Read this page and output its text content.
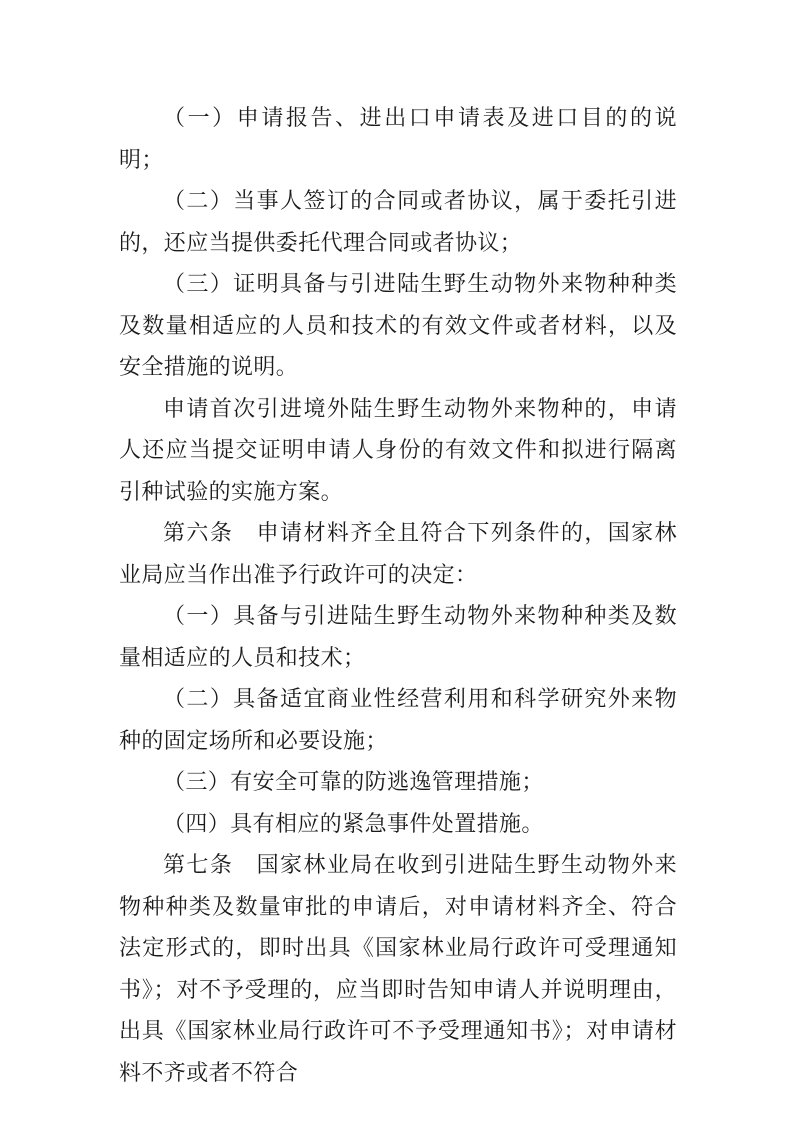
（一）申请报告、进出口申请表及进口目的的说明；

（二）当事人签订的合同或者协议，属于委托引进的，还应当提供委托代理合同或者协议；

（三）证明具备与引进陆生野生动物外来物种种类及数量相适应的人员和技术的有效文件或者材料，以及安全措施的说明。

申请首次引进境外陆生野生动物外来物种的，申请人还应当提交证明申请人身份的有效文件和拟进行隔离引种试验的实施方案。

第六条　申请材料齐全且符合下列条件的，国家林业局应当作出准予行政许可的决定：

（一）具备与引进陆生野生动物外来物种种类及数量相适应的人员和技术；

（二）具备适宜商业性经营利用和科学研究外来物种的固定场所和必要设施；

（三）有安全可靠的防逃逸管理措施；

（四）具有相应的紧急事件处置措施。

第七条　国家林业局在收到引进陆生野生动物外来物种种类及数量审批的申请后，对申请材料齐全、符合法定形式的，即时出具《国家林业局行政许可受理通知书》；对不予受理的，应当即时告知申请人并说明理由，出具《国家林业局行政许可不予受理通知书》；对申请材料不齐或者不符合
